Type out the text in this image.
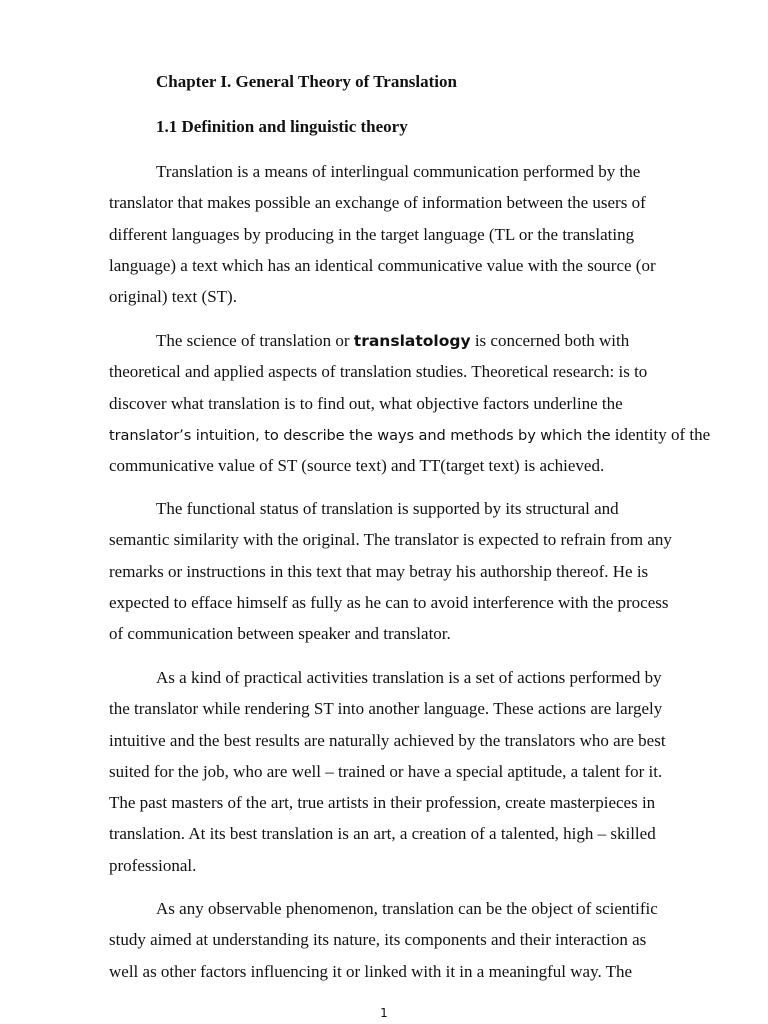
Chapter I. General Theory of Translation
1.1 Definition and linguistic theory

Translation is a means of interlingual communication performed by the
translator that makes possible an exchange of information between the users of
different languages by producing in the target language (TL or the translating
language) a text which has an identical communicative value with the source (or
original) text (ST).

The science of translation or translatology is concerned both with
theoretical and applied aspects of translation studies. Theoretical research: is to
discover what translation is to find out, what objective factors underline the
translator’s intuition, to describe the ways and methods by which the identity of the
communicative value of ST (source text) and TT(target text) is achieved.

The functional status of translation is supported by its structural and
semantic similarity with the original. The translator is expected to refrain from any
remarks or instructions in this text that may betray his authorship thereof. He is
expected to efface himself as fully as he can to avoid interference with the process
of communication between speaker and translator.

As a kind of practical activities translation is a set of actions performed by
the translator while rendering ST into another language. These actions are largely
intuitive and the best results are naturally achieved by the translators who are best
suited for the job, who are well – trained or have a special aptitude, a talent for it.
The past masters of the art, true artists in their profession, create masterpieces in
translation. At its best translation is an art, a creation of a talented, high – skilled
professional.

As any observable phenomenon, translation can be the object of scientific
study aimed at understanding its nature, its components and their interaction as
well as other factors influencing it or linked with it in a meaningful way. The

1
